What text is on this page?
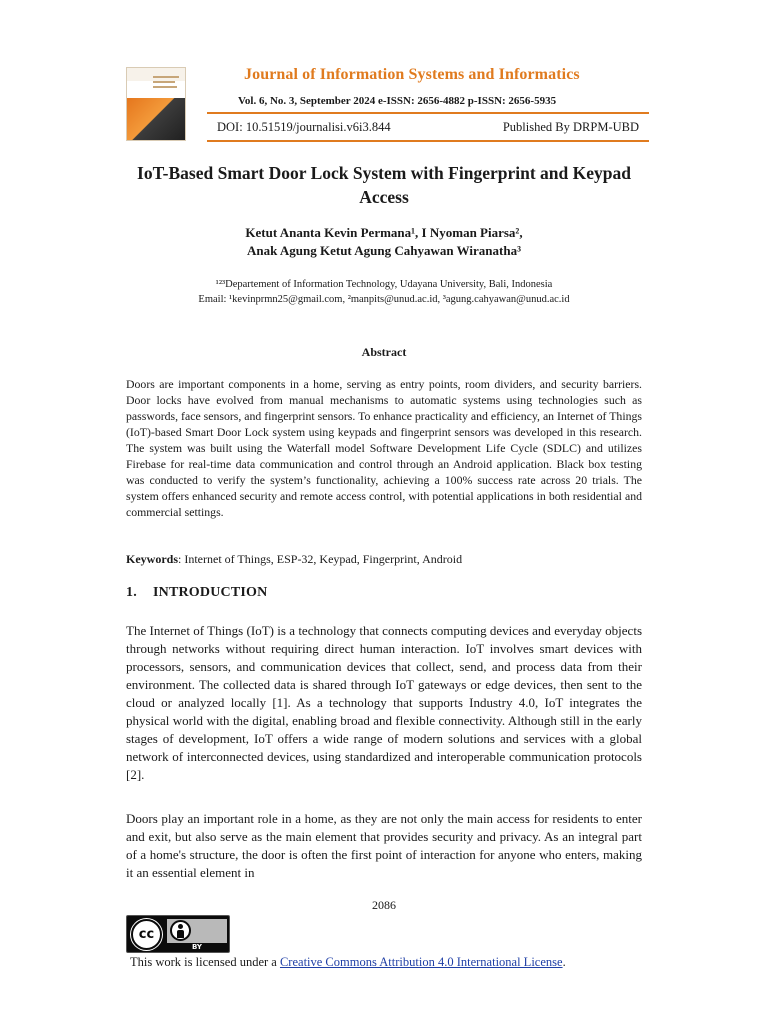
Journal of Information Systems and Informatics
Vol. 6, No. 3, September 2024 e-ISSN: 2656-4882 p-ISSN: 2656-5935
DOI: 10.51519/journalisi.v6i3.844	Published By DRPM-UBD
IoT-Based Smart Door Lock System with Fingerprint and Keypad Access
Ketut Ananta Kevin Permana¹, I Nyoman Piarsa²,
Anak Agung Ketut Agung Cahyawan Wiranatha³
¹²³Departement of Information Technology, Udayana University, Bali, Indonesia
Email: ¹kevinprmn25@gmail.com, ²manpits@unud.ac.id, ³agung.cahyawan@unud.ac.id
Abstract
Doors are important components in a home, serving as entry points, room dividers, and security barriers. Door locks have evolved from manual mechanisms to automatic systems using technologies such as passwords, face sensors, and fingerprint sensors. To enhance practicality and efficiency, an Internet of Things (IoT)-based Smart Door Lock system using keypads and fingerprint sensors was developed in this research. The system was built using the Waterfall model Software Development Life Cycle (SDLC) and utilizes Firebase for real-time data communication and control through an Android application. Black box testing was conducted to verify the system’s functionality, achieving a 100% success rate across 20 trials. The system offers enhanced security and remote access control, with potential applications in both residential and commercial settings.
Keywords: Internet of Things, ESP-32, Keypad, Fingerprint, Android
1. INTRODUCTION
The Internet of Things (IoT) is a technology that connects computing devices and everyday objects through networks without requiring direct human interaction. IoT involves smart devices with processors, sensors, and communication devices that collect, send, and process data from their environment. The collected data is shared through IoT gateways or edge devices, then sent to the cloud or analyzed locally [1]. As a technology that supports Industry 4.0, IoT integrates the physical world with the digital, enabling broad and flexible connectivity. Although still in the early stages of development, IoT offers a wide range of modern solutions and services with a global network of interconnected devices, using standardized and interoperable communication protocols [2].
Doors play an important role in a home, as they are not only the main access for residents to enter and exit, but also serve as the main element that provides security and privacy. As an integral part of a home's structure, the door is often the first point of interaction for anyone who enters, making it an essential element in
2086
cc
BY
This work is licensed under a Creative Commons Attribution 4.0 International License.
